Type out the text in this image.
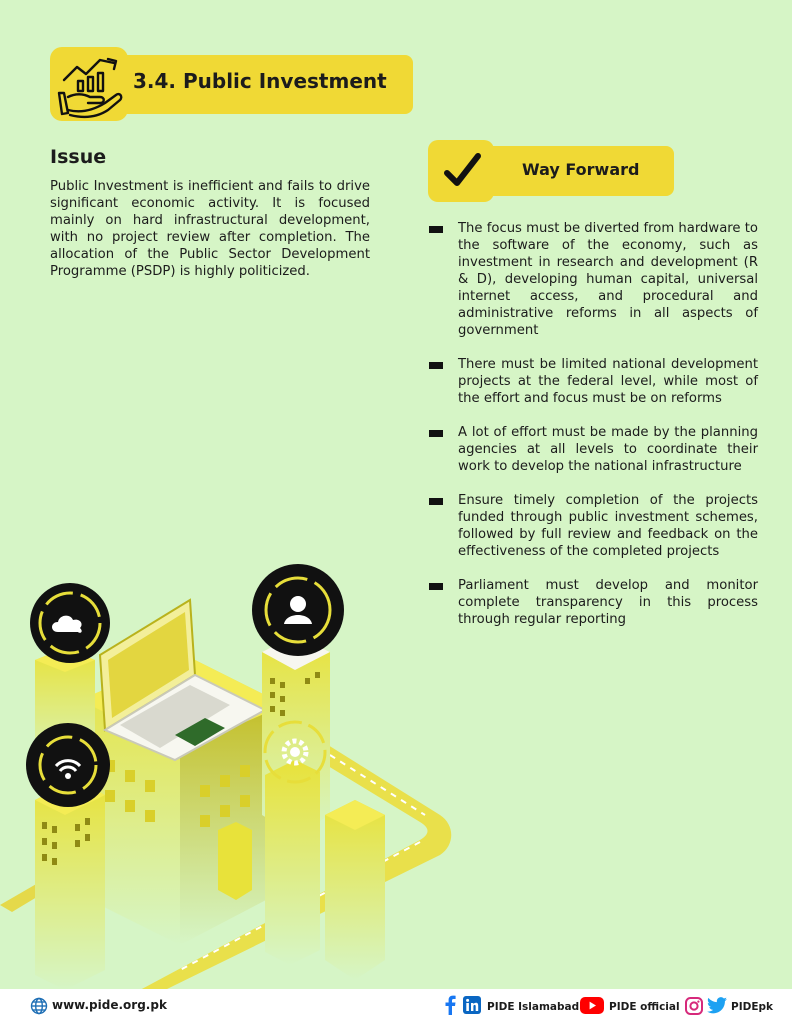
3.4. Public Investment
Issue

Public Investment is inefficient and fails to drive significant economic activity. It is focused mainly on hard infrastructural development, with no project review after completion. The allocation of the Public Sector Development Programme (PSDP) is highly politicized.

Way Forward
The focus must be diverted from hardware to the software of the economy, such as investment in research and development (R & D), developing human capital, universal internet access, and procedural and administrative reforms in all aspects of government
There must be limited national development projects at the federal level, while most of the effort and focus must be on reforms
A lot of effort must be made by the planning agencies at all levels to coordinate their work to develop the national infrastructure
Ensure timely completion of the projects funded through public investment schemes, followed by full review and feedback on the effectiveness of the completed projects
Parliament must develop and monitor complete transparency in this process through regular reporting
www.pide.org.pk	PIDE Islamabad	PIDE official	PIDEpk
